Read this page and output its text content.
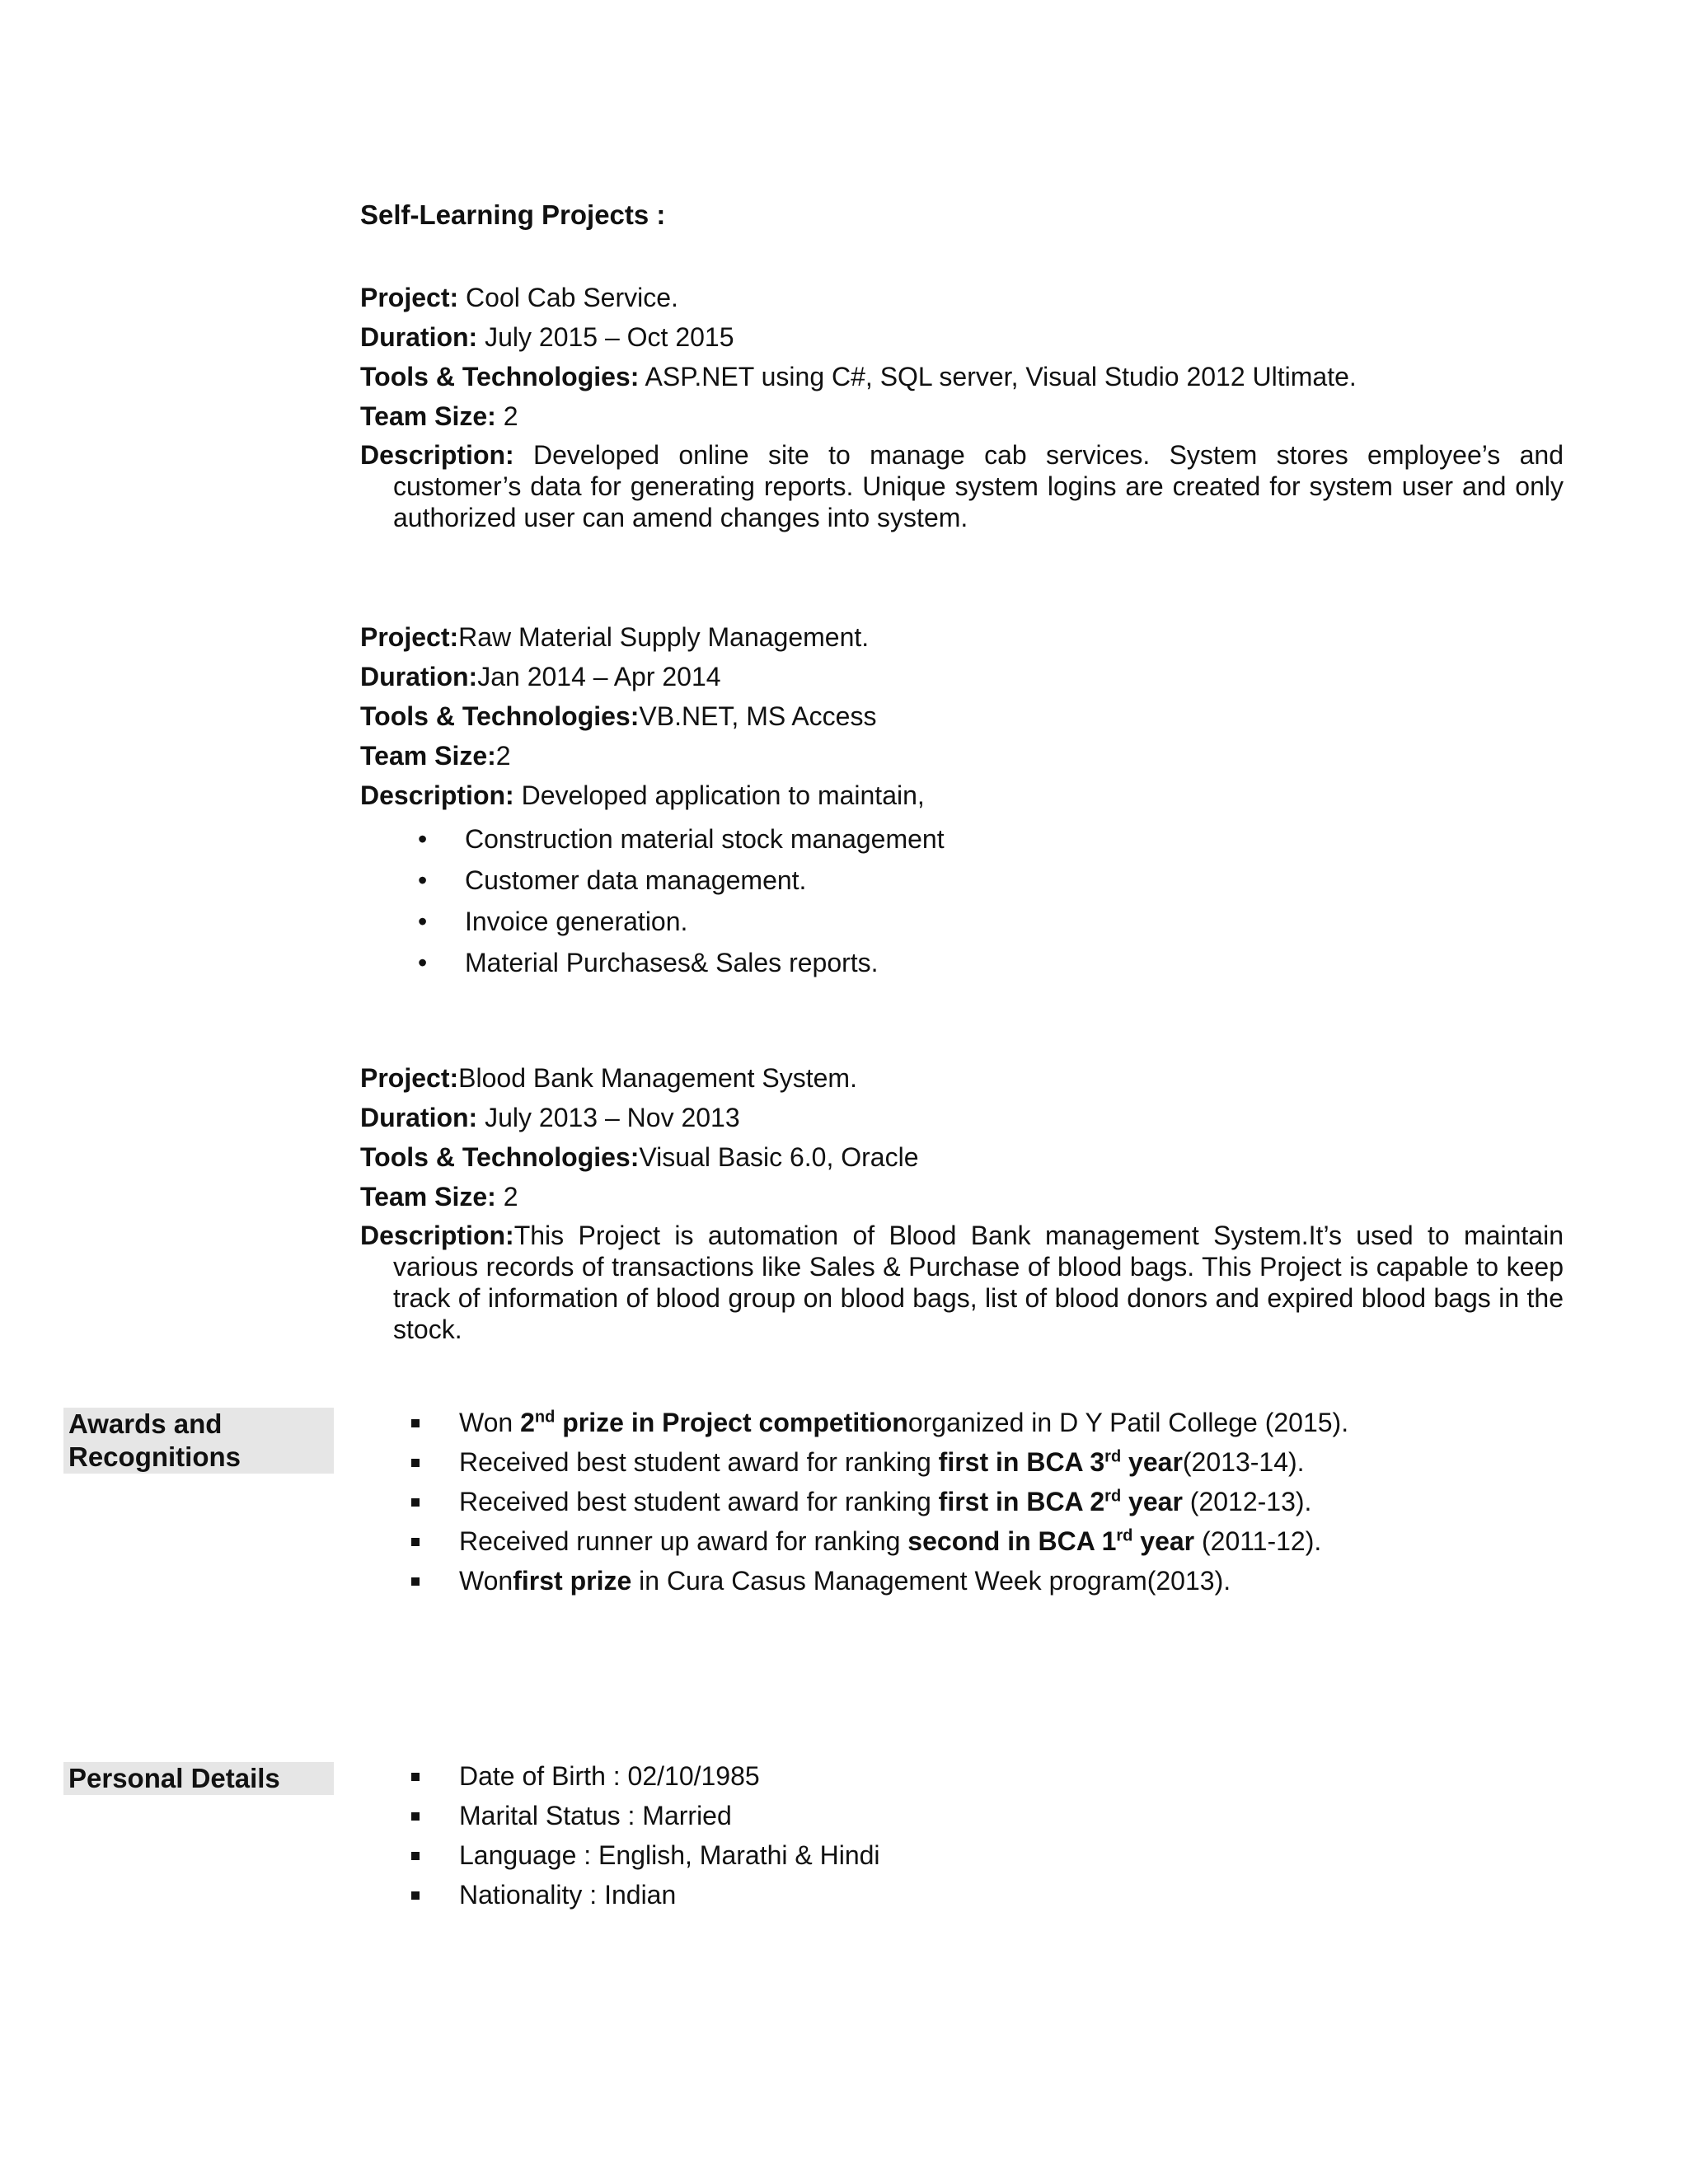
Self-Learning Projects :
Project: Cool Cab Service.
Duration: July 2015 – Oct 2015
Tools & Technologies: ASP.NET using C#, SQL server, Visual Studio 2012 Ultimate.
Team Size: 2
Description: Developed online site to manage cab services. System stores employee’s and customer’s data for generating reports. Unique system logins are created for system user and only authorized user can amend changes into system.
Project:Raw Material Supply Management.
Duration:Jan 2014 – Apr 2014
Tools & Technologies:VB.NET, MS Access
Team Size:2
Description: Developed application to maintain,
• Construction material stock management
• Customer data management.
• Invoice generation.
• Material Purchases& Sales reports.
Project:Blood Bank Management System.
Duration: July 2013 – Nov 2013
Tools & Technologies:Visual Basic 6.0, Oracle
Team Size: 2
Description:This Project is automation of Blood Bank management System.It’s used to maintain various records of transactions like Sales & Purchase of blood bags. This Project is capable to keep track of information of blood group on blood bags, list of blood donors and expired blood bags in the stock.
Awards and
Recognitions
Won 2nd prize in Project competitionorganized in D Y Patil College (2015).
Received best student award for ranking first in BCA 3rd year(2013-14).
Received best student award for ranking first in BCA 2rd year (2012-13).
Received runner up award for ranking second in BCA 1rd year (2011-12).
Wonfirst prize in Cura Casus Management Week program(2013).
Personal Details	Date of Birth : 02/10/1985
Marital Status : Married
Language : English, Marathi & Hindi
Nationality : Indian
